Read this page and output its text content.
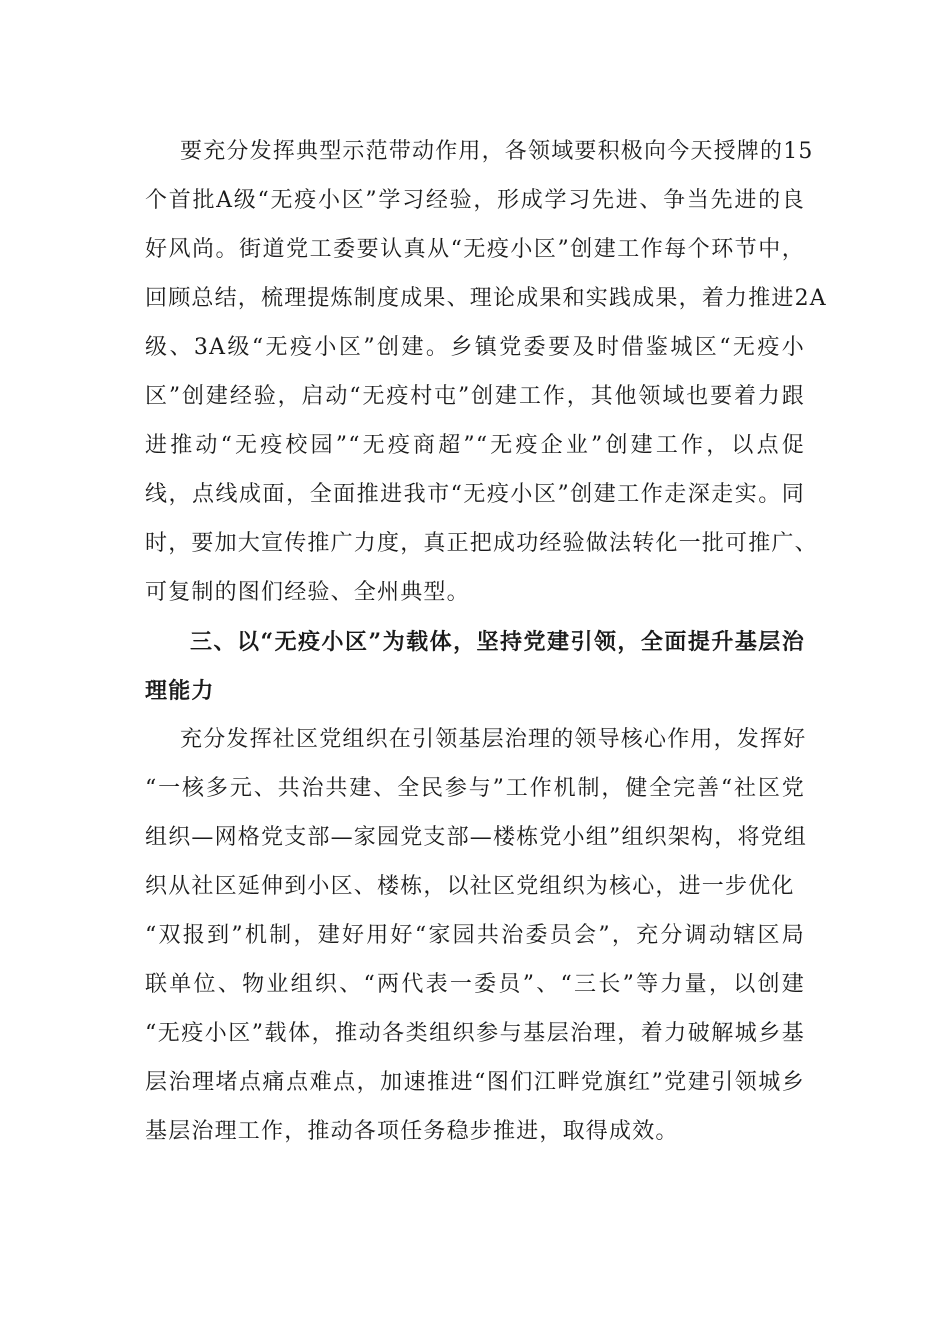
要充分发挥典型示范带动作用，各领域要积极向今天授牌的15
个首批A级“无疫小区”学习经验，形成学习先进、争当先进的良
好风尚。街道党工委要认真从“无疫小区”创建工作每个环节中，
回顾总结，梳理提炼制度成果、理论成果和实践成果，着力推进2A
级、3A级“无疫小区”创建。乡镇党委要及时借鉴城区“无疫小
区”创建经验，启动“无疫村屯”创建工作，其他领域也要着力跟
进推动“无疫校园”“无疫商超”“无疫企业”创建工作，以点促
线，点线成面，全面推进我市“无疫小区”创建工作走深走实。同
时，要加大宣传推广力度，真正把成功经验做法转化一批可推广、
可复制的图们经验、全州典型。
三、以“无疫小区”为载体，坚持党建引领，全面提升基层治
理能力
充分发挥社区党组织在引领基层治理的领导核心作用，发挥好
“一核多元、共治共建、全民参与”工作机制，健全完善“社区党
组织—网格党支部—家园党支部—楼栋党小组”组织架构，将党组
织从社区延伸到小区、楼栋，以社区党组织为核心，进一步优化
“双报到”机制，建好用好“家园共治委员会”，充分调动辖区局
联单位、物业组织、“两代表一委员”、“三长”等力量，以创建
“无疫小区”载体，推动各类组织参与基层治理，着力破解城乡基
层治理堵点痛点难点，加速推进“图们江畔党旗红”党建引领城乡
基层治理工作，推动各项任务稳步推进，取得成效。
